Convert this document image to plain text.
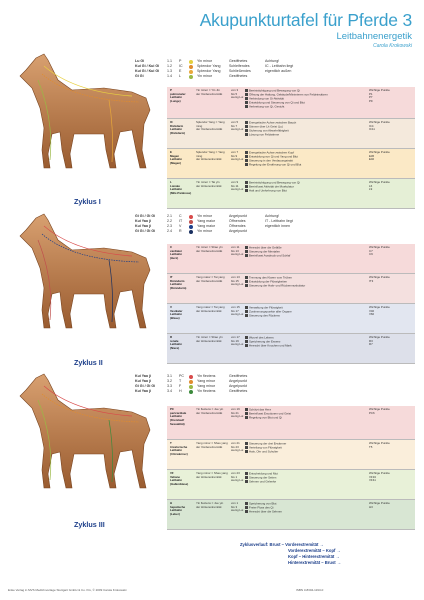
Akupunkturtafel für Pferde 3
Leitbahnenergetik
Carola Krokowski
Zyklus I
Lu Gi	1.1	P	Yin minor	Gestffnetes	Achtung!
Kui Gi / Kui Gi	1.2	IC	Splendor Yang	Schleifendes	IC - Leitbahn liegt
Kui Gi / Kui Gi	1.3	E	Splendor Yang	Schließendes	eigentlich außen
Gi Gi	1.4	L	Yin minor	Gestffnetes
P
pulmonaler
Leitbahn
(Lunge)
Yin minor = Yin Jin
der Vorderextremität
von 3
bis 5
wenig Lui
Beeinträchtigung und Bewegung von Qi
Öffnung der Haltung, Gebäude/Minimieren von Feldeinsätzen
Verbindung von Gi-Aktivität
Entwicklung und Steuerung von Qi und Blut
Verbreitung von Qi, Gesicht
Wichtige Punkte
P1
P7
P9
IC
Dickdarm
Leitbahn
(Dickdarm)
Splendor Yang = Yang ming
der Vorderextremität
von 5
bis 7
wenig Lui
Energetische Achse zwischen Bauch
Stimme über Lh Geist (Lu)
Sicherung von Abwehrfähigkeit
Lösung von Feldwärme
Wichtige Punkte
IC4
IC11
E
Magen
Leitbahn
(Magen)
Splendor Yang = Yang ming
der Hinterextremität
von 7
bis 9
wenig Lui
Energetische Achse zwischen Kopf
Entwicklung von Qi und Yang und Blut
Steuerung in den Verdauungstrakt
Regelung der Ernährung von Qi und Blut
Wichtige Punkte
E36
E40
L
Lienale
Leitbahn
(Milz-Pankreas)
Yin minor = Tai yin
der Hinterextremität
von 9
bis 11
wenig Lui
Beeinträchtigung und Bewegung von Qi
Beeinflusst Aktivität der Muskulatur
Halt und Umkehrung von Blut
Wichtige Punkte
L6
L9
Zyklus II
Gi Gi / Gi Gi	2.1	C	Yin minor	Angelpunkt	Achtung!
Kui Yao ji	2.2	IT	Yang maior	Öffnendes	IT - Leitbahn liegt
Kui Yao ji	2.3	V	Yang maior	Öffnendes	eigentlich innen
Gi Gi / Gi Gi	2.4	R	Yin minor	Angelpunkt
C
cardialer
Leitbahn
(Herz)
Yin minor = Shao yin
der Vorderextremität
von 11
bis 13
wenig Lui
Herrscht über die Gefäße
Steuerung der Mentalen
Beeinflusst Ausdruck und Schlaf
Wichtige Punkte
C7
C9
IT
Dünndarm
Leitbahn
(Dünndarm)
Yang maior = Tai yang
der Vorderextremität
von 13
bis 15
wenig Lui
Trennung des Klaren vom Trüben
Entwicklung der Flüssigkeiten
Steuerung der Hals- und Rückenmuskulatur
Wichtige Punkte
IT3
V
Vesikaler
Leitbahn
(Blase)
Yang maior = Tai yang
der Hinterextremität
von 15
bis 17
wenig Lui
Verwaltung der Flüssigkeit
Zustimmungspunkte aller Organe
Steuerung des Rückens
Wichtige Punkte
V40
V60
R
renale
Leitbahn
(Niere)
Yin minor = Shao yin
der Hinterextremität
von 17
bis 19
wenig Lui
Wurzel des Lebens
Speicherung der Essenz
Herrscht über Knochen und Mark
Wichtige Punkte
R3
R7
Zyklus III
Kui Yao ji	3.1	PC	Yin flectens	Gestffnetes
Kui Yao ji	3.2	T	Yang minor	Angelpunkt
Gi Gi / Gi Gi	3.3	F	Yang minor	Angelpunkt
Kui Yao ji	3.4	H	Yin flectens	Gestffnetes
PC
pericardiale
Leitbahn
(Kreislauf/
Sexualität)
Yin flectens = Jue yin
der Vorderextremität
von 19
bis 21
wenig Lui
Schützt das Herz
Beeinflusst Emotionen und Geist
Regelung von Blut und Qi
Wichtige Punkte
PC6
T
tricalorische
Leitbahn
(3 Erwärmer)
Yang minor = Shao yang
der Vorderextremität
von 21
bis 23
wenig Lui
Steuerung der drei Erwärmer
Verteilung von Flüssigkeit
Hals, Ohr und Schulter
Wichtige Punkte
T5
VF
Veliane
Leitbahn
(Gallenblase)
Yang minor = Shao yang
der Hinterextremität
von 23
bis 1
wenig Lui
Entscheidung und Mut
Steuerung der Seiten
Sehnen und Gelenke
Wichtige Punkte
VF34
VF41
H
hepatische
Leitbahn
(Leber)
Yin flectens = Jue yin
der Hinterextremität
von 1
bis 3
wenig Lui
Speicherung von Blut
Freier Fluss des Qi
Herrscht über die Sehnen
Wichtige Punkte
H3
Zyklusverlauf: Brust – Vorderextremität →
Vorderextremität – Kopf →
Kopf – Hinterextremität →
Hinterextremität – Brust →
Enke Verlag in MVS Medizinverlage Stuttgart GmbH & Co. KG, © 2009 Carola Krokowski	ISBN 3-8304-1193-0
